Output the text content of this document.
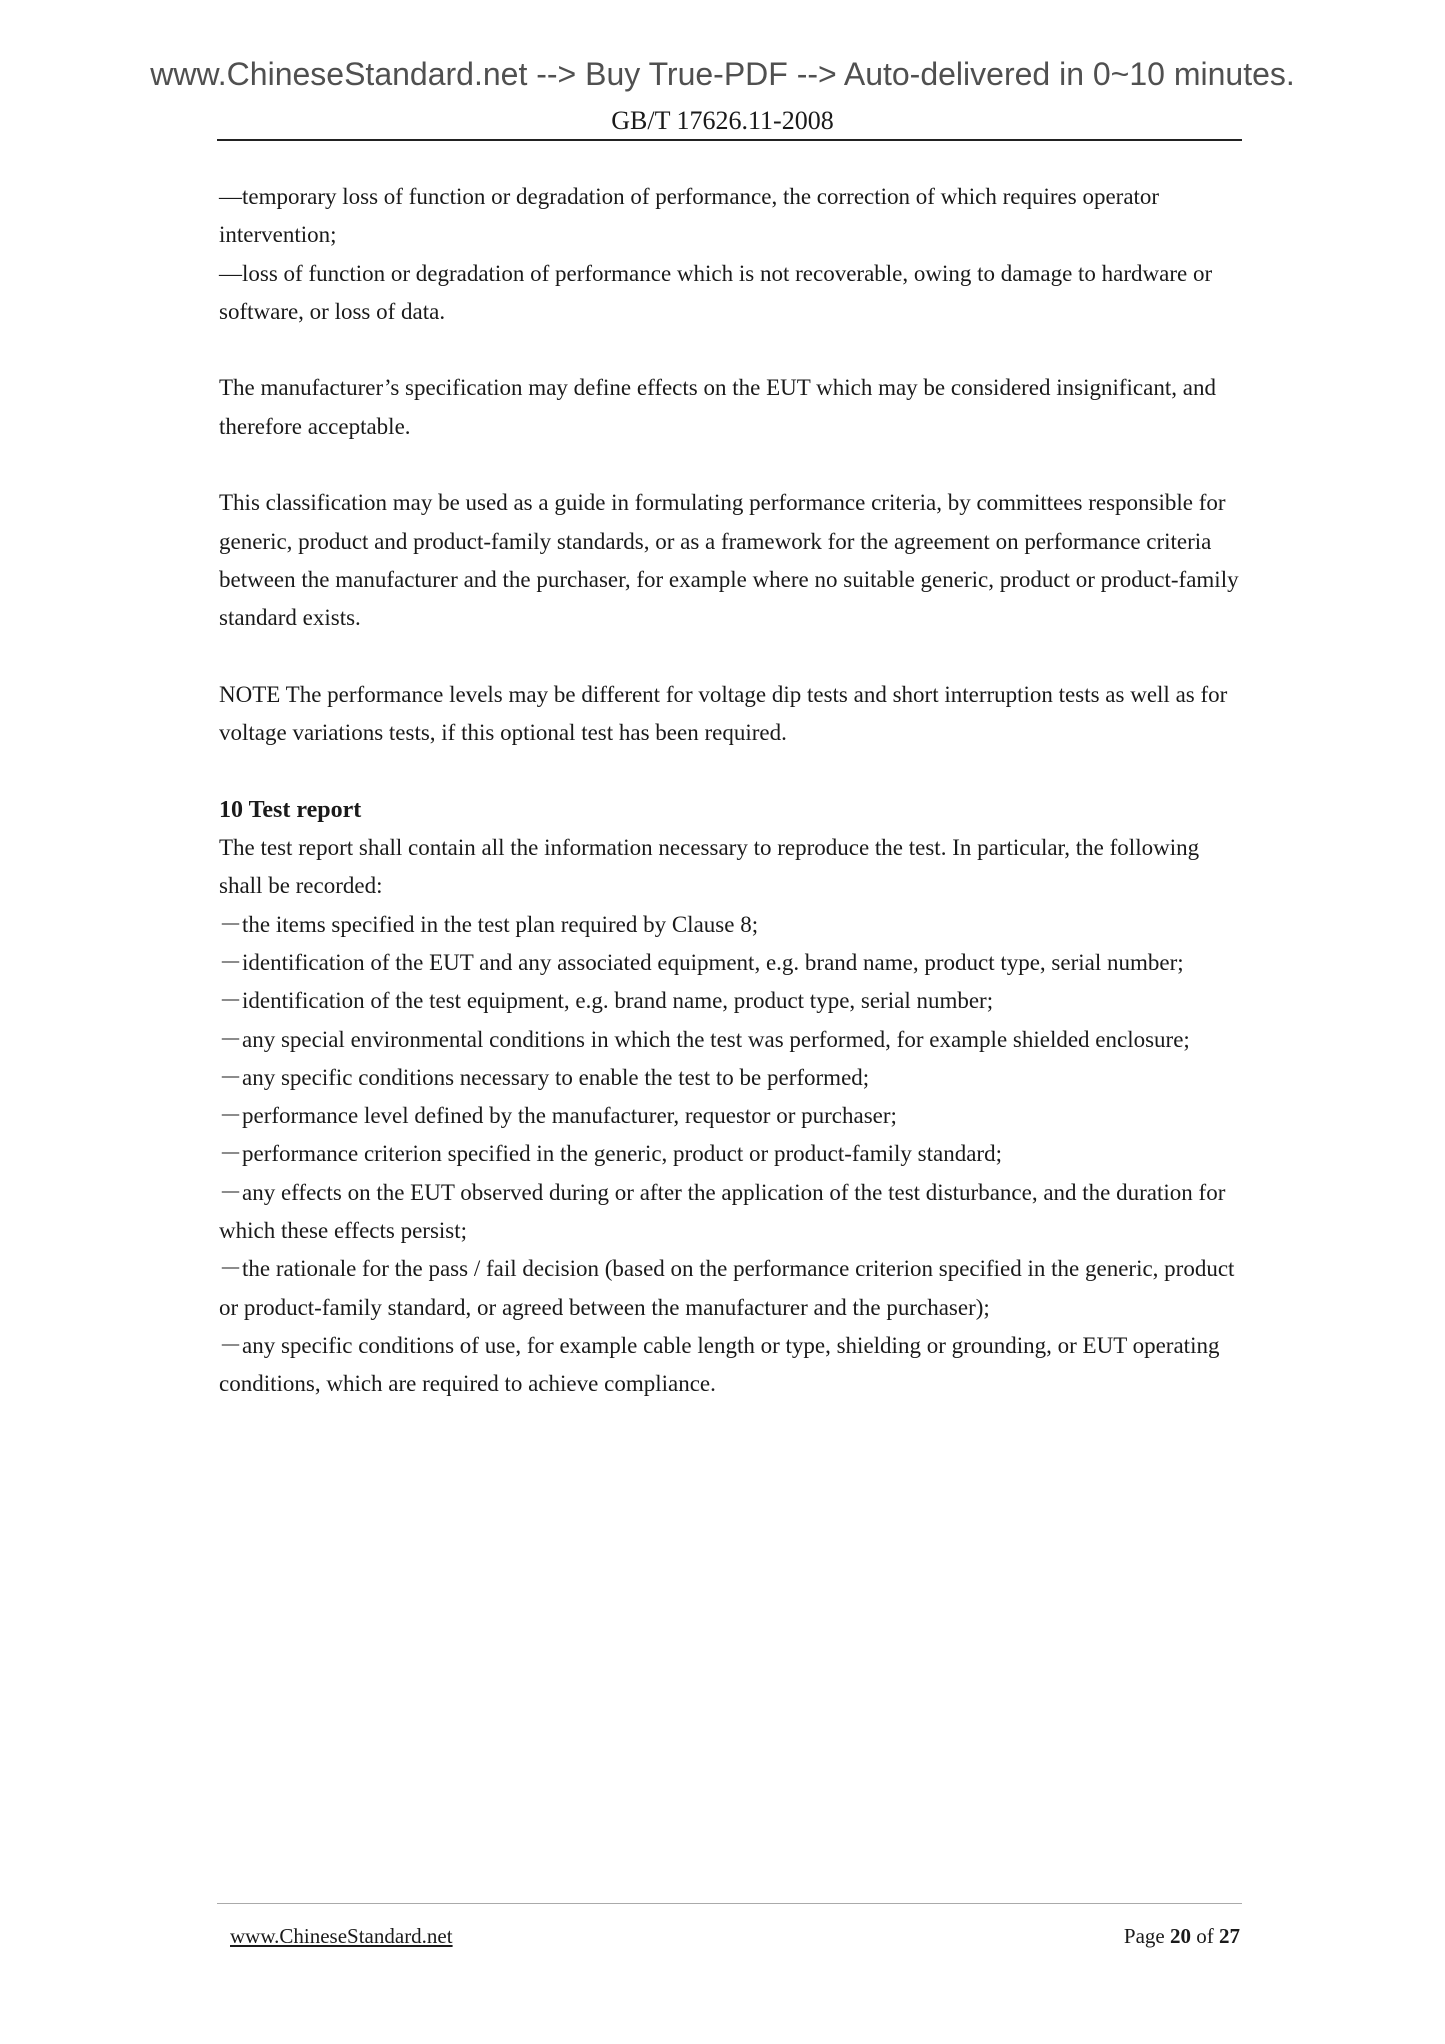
www.ChineseStandard.net --> Buy True-PDF --> Auto-delivered in 0~10 minutes.
GB/T 17626.11-2008

—temporary loss of function or degradation of performance, the correction of which requires operator intervention;

—loss of function or degradation of performance which is not recoverable, owing to damage to hardware or software, or loss of data.

The manufacturer’s specification may define effects on the EUT which may be considered insignificant, and therefore acceptable.

This classification may be used as a guide in formulating performance criteria, by committees responsible for generic, product and product-family standards, or as a framework for the agreement on performance criteria between the manufacturer and the purchaser, for example where no suitable generic, product or product-family standard exists.

NOTE The performance levels may be different for voltage dip tests and short interruption tests as well as for voltage variations tests, if this optional test has been required.

10 Test report

The test report shall contain all the information necessary to reproduce the test. In particular, the following shall be recorded:

－the items specified in the test plan required by Clause 8;

－identification of the EUT and any associated equipment, e.g. brand name, product type, serial number;

－identification of the test equipment, e.g. brand name, product type, serial number;

－any special environmental conditions in which the test was performed, for example shielded enclosure;

－any specific conditions necessary to enable the test to be performed;

－performance level defined by the manufacturer, requestor or purchaser;

－performance criterion specified in the generic, product or product-family standard;

－any effects on the EUT observed during or after the application of the test disturbance, and the duration for which these effects persist;

－the rationale for the pass / fail decision (based on the performance criterion specified in the generic, product or product-family standard, or agreed between the manufacturer and the purchaser);

－any specific conditions of use, for example cable length or type, shielding or grounding, or EUT operating conditions, which are required to achieve compliance.

www.ChineseStandard.net	Page 20 of 27
